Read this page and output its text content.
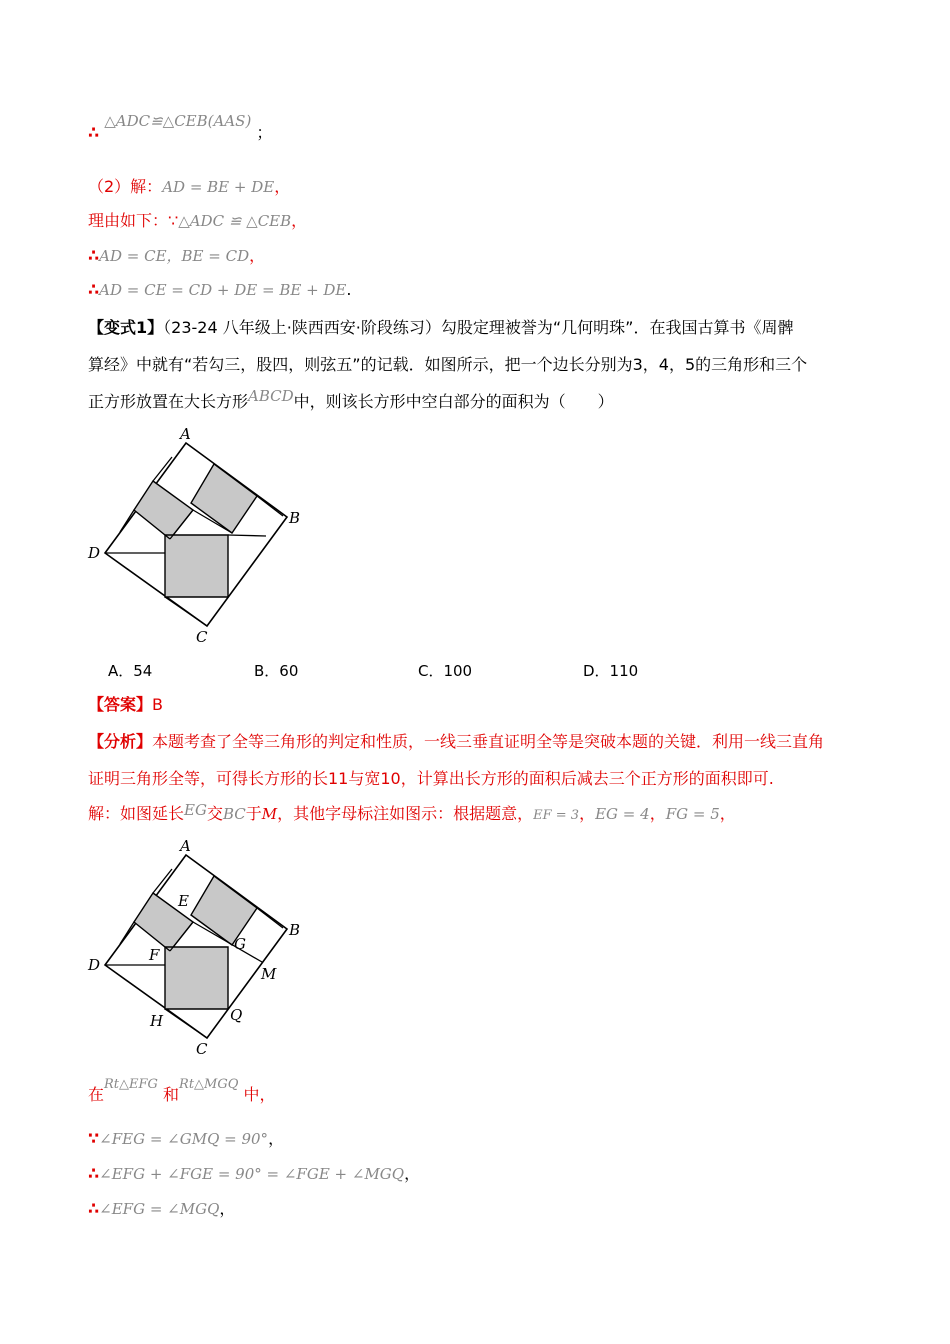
∴ △ADC≌△CEB(AAS) ；
（2）解：AD = BE + DE，
理由如下：∵△ADC ≌ △CEB，
∴AD = CE，BE = CD，
∴AD = CE = CD + DE = BE + DE.
【变式1】（23-24 八年级上·陕西西安·阶段练习）勾股定理被誉为“几何明珠”．在我国古算书《周髀
算经》中就有“若勾三，股四，则弦五”的记载．如图所示，把一个边长分别为3，4，5的三角形和三个
正方形放置在大长方形ABCD中，则该长方形中空白部分的面积为（　　）
A
B
C
D
A．54	B．60	C．100	D．110
【答案】B
【分析】本题考查了全等三角形的判定和性质，一线三垂直证明全等是突破本题的关键．利用一线三直角
证明三角形全等，可得长方形的长11与宽10，计算出长方形的面积后减去三个正方形的面积即可.
解：如图延长EG交BC于M，其他字母标注如图示：根据题意，EF = 3，EG = 4，FG = 5，
A
B
C
D
E
F
G
H
M
Q
在$^{Rt\triangle EFG}$ 和$^{Rt\triangle MGQ}$ 中，
∵∠FEG = ∠GMQ = 90°，
∴∠EFG + ∠FGE = 90° = ∠FGE + ∠MGQ，
∴∠EFG = ∠MGQ，
